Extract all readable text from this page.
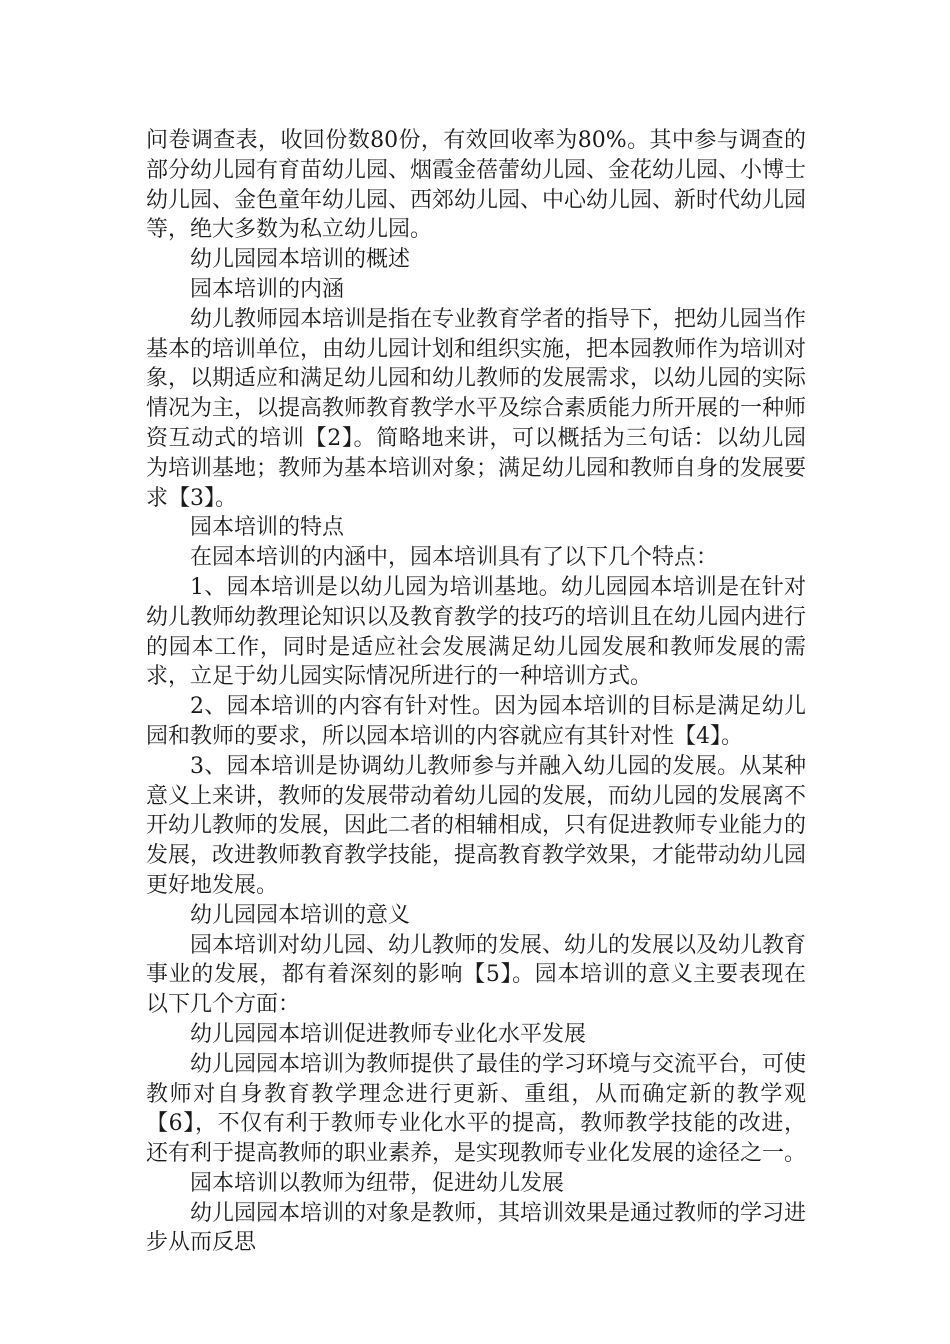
问卷调查表，收回份数80份，有效回收率为80%。其中参与调查的部分幼儿园有育苗幼儿园、烟霞金蓓蕾幼儿园、金花幼儿园、小博士幼儿园、金色童年幼儿园、西郊幼儿园、中心幼儿园、新时代幼儿园等，绝大多数为私立幼儿园。

幼儿园园本培训的概述

园本培训的内涵

幼儿教师园本培训是指在专业教育学者的指导下，把幼儿园当作基本的培训单位，由幼儿园计划和组织实施，把本园教师作为培训对象，以期适应和满足幼儿园和幼儿教师的发展需求，以幼儿园的实际情况为主，以提高教师教育教学水平及综合素质能力所开展的一种师资互动式的培训【2】。简略地来讲，可以概括为三句话：以幼儿园为培训基地；教师为基本培训对象；满足幼儿园和教师自身的发展要求【3】。

园本培训的特点

在园本培训的内涵中，园本培训具有了以下几个特点：

1、园本培训是以幼儿园为培训基地。幼儿园园本培训是在针对幼儿教师幼教理论知识以及教育教学的技巧的培训且在幼儿园内进行的园本工作，同时是适应社会发展满足幼儿园发展和教师发展的需求，立足于幼儿园实际情况所进行的一种培训方式。

2、园本培训的内容有针对性。因为园本培训的目标是满足幼儿园和教师的要求，所以园本培训的内容就应有其针对性【4】。

3、园本培训是协调幼儿教师参与并融入幼儿园的发展。从某种意义上来讲，教师的发展带动着幼儿园的发展，而幼儿园的发展离不开幼儿教师的发展，因此二者的相辅相成，只有促进教师专业能力的发展，改进教师教育教学技能，提高教育教学效果，才能带动幼儿园更好地发展。

幼儿园园本培训的意义

园本培训对幼儿园、幼儿教师的发展、幼儿的发展以及幼儿教育事业的发展，都有着深刻的影响【5】。园本培训的意义主要表现在以下几个方面：

幼儿园园本培训促进教师专业化水平发展

幼儿园园本培训为教师提供了最佳的学习环境与交流平台，可使教师对自身教育教学理念进行更新、重组，从而确定新的教学观【6】，不仅有利于教师专业化水平的提高，教师教学技能的改进，还有利于提高教师的职业素养，是实现教师专业化发展的途径之一。

园本培训以教师为纽带，促进幼儿发展

幼儿园园本培训的对象是教师，其培训效果是通过教师的学习进步从而反思
